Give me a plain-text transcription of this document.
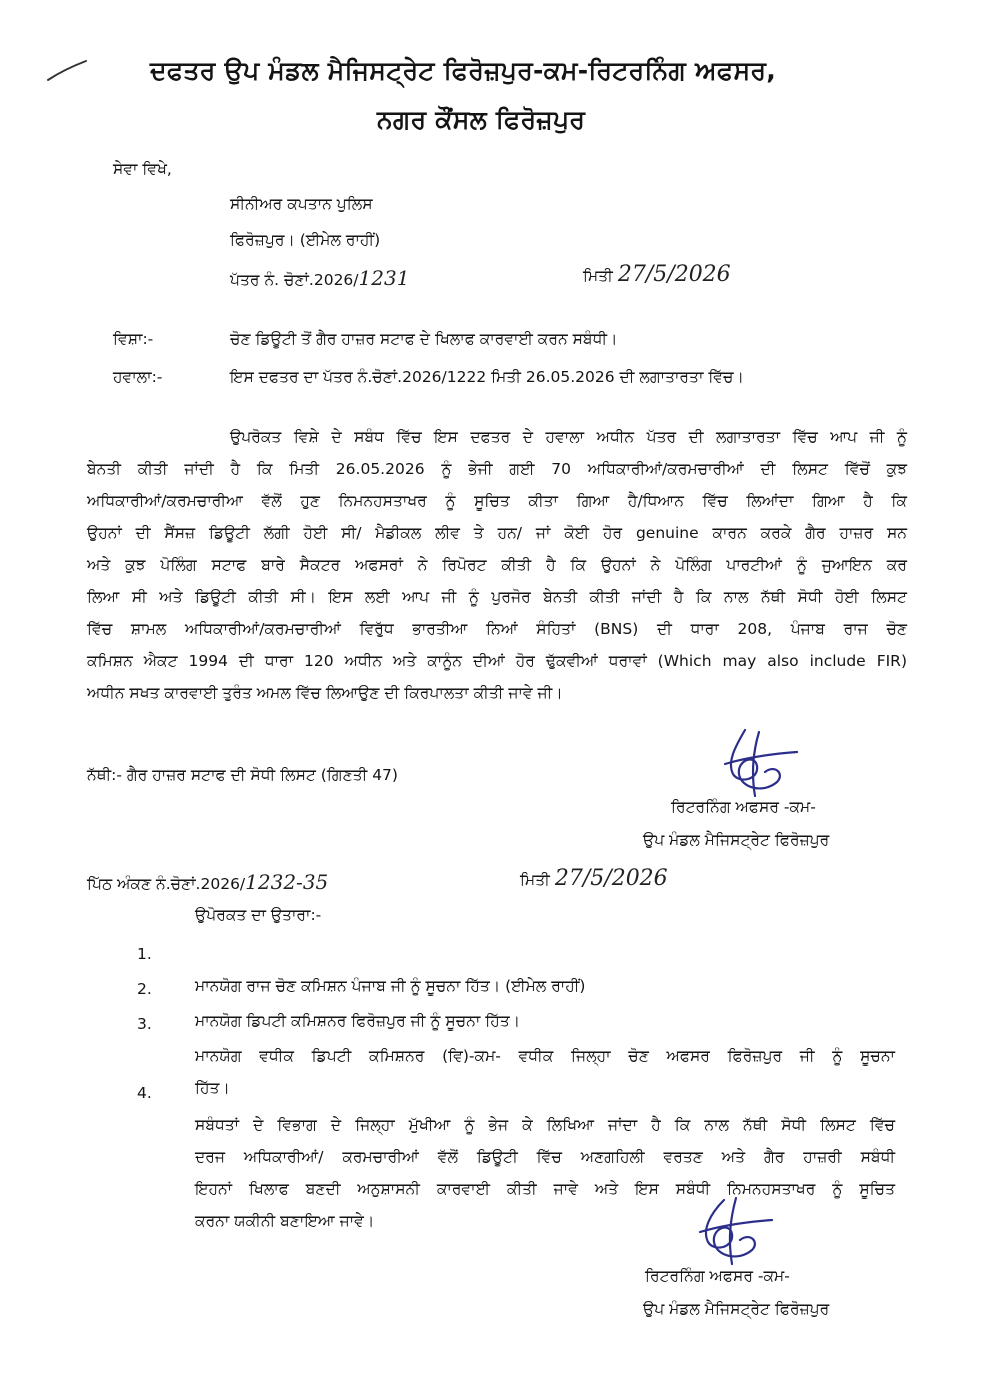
ਦਫਤਰ ਉਪ ਮੰਡਲ ਮੈਜਿਸਟ੍ਰੇਟ ਫਿਰੋਜ਼ਪੁਰ-ਕਮ-ਰਿਟਰਨਿੰਗ ਅਫਸਰ,
ਨਗਰ ਕੌਂਸਲ ਫਿਰੋਜ਼ਪੁਰ
ਸੇਵਾ ਵਿਖੇ,
ਸੀਨੀਅਰ ਕਪਤਾਨ ਪੁਲਿਸ
ਫਿਰੋਜ਼ਪੁਰ। (ਈਮੇਲ ਰਾਹੀਂ)
ਪੱਤਰ ਨੰ. ਚੋਣਾਂ.2026/1231	ਮਿਤੀ 27/5/2026
ਵਿਸ਼ਾ:-	ਚੋਣ ਡਿਊਟੀ ਤੋਂ ਗੈਰ ਹਾਜ਼ਰ ਸਟਾਫ ਦੇ ਖਿਲਾਫ ਕਾਰਵਾਈ ਕਰਨ ਸਬੰਧੀ।
ਹਵਾਲਾ:-	ਇਸ ਦਫਤਰ ਦਾ ਪੱਤਰ ਨੰ.ਚੋਣਾਂ.2026/1222 ਮਿਤੀ 26.05.2026 ਦੀ ਲਗਾਤਾਰਤਾ ਵਿੱਚ।
ਉਪਰੋਕਤ ਵਿਸ਼ੇ ਦੇ ਸਬੰਧ ਵਿੱਚ ਇਸ ਦਫਤਰ ਦੇ ਹਵਾਲਾ ਅਧੀਨ ਪੱਤਰ ਦੀ ਲਗਾਤਾਰਤਾ ਵਿੱਚ ਆਪ ਜੀ ਨੂੰ
ਬੇਨਤੀ ਕੀਤੀ ਜਾਂਦੀ ਹੈ ਕਿ ਮਿਤੀ 26.05.2026 ਨੂੰ ਭੇਜੀ ਗਈ 70 ਅਧਿਕਾਰੀਆਂ/ਕਰਮਚਾਰੀਆਂ ਦੀ ਲਿਸਟ ਵਿੱਚੋਂ ਕੁਝ
ਅਧਿਕਾਰੀਆਂ/ਕਰਮਚਾਰੀਆ ਵੱਲੋਂ ਹੁਣ ਨਿਮਨਹਸਤਾਖਰ ਨੂੰ ਸੂਚਿਤ ਕੀਤਾ ਗਿਆ ਹੈ/ਧਿਆਨ ਵਿੱਚ ਲਿਆਂਦਾ ਗਿਆ ਹੈ ਕਿ
ਉਹਨਾਂ ਦੀ ਸੈਂਸਜ਼ ਡਿਊਟੀ ਲੱਗੀ ਹੋਈ ਸੀ/ ਮੈਡੀਕਲ ਲੀਵ ਤੇ ਹਨ/ ਜਾਂ ਕੋਈ ਹੋਰ genuine ਕਾਰਨ ਕਰਕੇ ਗੈਰ ਹਾਜ਼ਰ ਸਨ
ਅਤੇ ਕੁਝ ਪੋਲਿੰਗ ਸਟਾਫ ਬਾਰੇ ਸੈਕਟਰ ਅਫਸਰਾਂ ਨੇ ਰਿਪੋਰਟ ਕੀਤੀ ਹੈ ਕਿ ਉਹਨਾਂ ਨੇ ਪੋਲਿੰਗ ਪਾਰਟੀਆਂ ਨੂੰ ਜੁਆਇਨ ਕਰ
ਲਿਆ ਸੀ ਅਤੇ ਡਿਊਟੀ ਕੀਤੀ ਸੀ। ਇਸ ਲਈ ਆਪ ਜੀ ਨੂੰ ਪੁਰਜੋਰ ਬੇਨਤੀ ਕੀਤੀ ਜਾਂਦੀ ਹੈ ਕਿ ਨਾਲ ਨੱਥੀ ਸੋਧੀ ਹੋਈ ਲਿਸਟ
ਵਿੱਚ ਸ਼ਾਮਲ ਅਧਿਕਾਰੀਆਂ/ਕਰਮਚਾਰੀਆਂ ਵਿਰੁੱਧ ਭਾਰਤੀਆ ਨਿਆਂ ਸੰਹਿਤਾਂ (BNS) ਦੀ ਧਾਰਾ 208, ਪੰਜਾਬ ਰਾਜ ਚੋਣ
ਕਮਿਸ਼ਨ ਐਕਟ 1994 ਦੀ ਧਾਰਾ 120 ਅਧੀਨ ਅਤੇ ਕਾਨੂੰਨ ਦੀਆਂ ਹੋਰ ਢੁੱਕਵੀਆਂ ਧਰਾਵਾਂ (Which may also include FIR)
ਅਧੀਨ ਸਖਤ ਕਾਰਵਾਈ ਤੁਰੰਤ ਅਮਲ ਵਿੱਚ ਲਿਆਉਣ ਦੀ ਕਿਰਪਾਲਤਾ ਕੀਤੀ ਜਾਵੇ ਜੀ।
ਨੱਥੀ:- ਗੈਰ ਹਾਜ਼ਰ ਸਟਾਫ ਦੀ ਸੋਧੀ ਲਿਸਟ (ਗਿਣਤੀ 47)
ਰਿਟਰਨਿੰਗ ਅਫਸਰ -ਕਮ-
ਉਪ ਮੰਡਲ ਮੈਜਿਸਟ੍ਰੇਟ ਫਿਰੋਜ਼ਪੁਰ
ਪਿੱਠ ਅੰਕਣ ਨੰ.ਚੋਣਾਂ.2026/1232-35	ਮਿਤੀ 27/5/2026
ਉਪੋਰਕਤ ਦਾ ਉਤਾਰਾ:-
1.
ਮਾਨਯੋਗ ਰਾਜ ਚੋਣ ਕਮਿਸ਼ਨ ਪੰਜਾਬ ਜੀ ਨੂੰ ਸੂਚਨਾ ਹਿੱਤ। (ਈਮੇਲ ਰਾਹੀਂ)
2.
ਮਾਨਯੋਗ ਡਿਪਟੀ ਕਮਿਸ਼ਨਰ ਫਿਰੋਜ਼ਪੁਰ ਜੀ ਨੂੰ ਸੂਚਨਾ ਹਿੱਤ।
3.
ਮਾਨਯੋਗ ਵਧੀਕ ਡਿਪਟੀ ਕਮਿਸ਼ਨਰ (ਵਿ)-ਕਮ- ਵਧੀਕ ਜਿਲ੍ਹਾ ਚੋਣ ਅਫਸਰ ਫਿਰੋਜ਼ਪੁਰ ਜੀ ਨੂੰ ਸੂਚਨਾ
ਹਿੱਤ।
4.
ਸਬੰਧਤਾਂ ਦੇ ਵਿਭਾਗ ਦੇ ਜਿਲ੍ਹਾ ਮੁੱਖੀਆ ਨੂੰ ਭੇਜ ਕੇ ਲਿਖਿਆ ਜਾਂਦਾ ਹੈ ਕਿ ਨਾਲ ਨੱਥੀ ਸੋਧੀ ਲਿਸਟ ਵਿੱਚ
ਦਰਜ ਅਧਿਕਾਰੀਆਂ/ ਕਰਮਚਾਰੀਆਂ ਵੱਲੋਂ ਡਿਊਟੀ ਵਿੱਚ ਅਣਗਹਿਲੀ ਵਰਤਣ ਅਤੇ ਗੈਰ ਹਾਜ਼ਰੀ ਸਬੰਧੀ
ਇਹਨਾਂ ਖਿਲਾਫ ਬਣਦੀ ਅਨੁਸ਼ਾਸਨੀ ਕਾਰਵਾਈ ਕੀਤੀ ਜਾਵੇ ਅਤੇ ਇਸ ਸਬੰਧੀ ਨਿਮਨਹਸਤਾਖਰ ਨੂੰ ਸੂਚਿਤ
ਕਰਨਾ ਯਕੀਨੀ ਬਣਾਇਆ ਜਾਵੇ।
ਰਿਟਰਨਿੰਗ ਅਫਸਰ -ਕਮ-
ਉਪ ਮੰਡਲ ਮੈਜਿਸਟ੍ਰੇਟ ਫਿਰੋਜ਼ਪੁਰ
